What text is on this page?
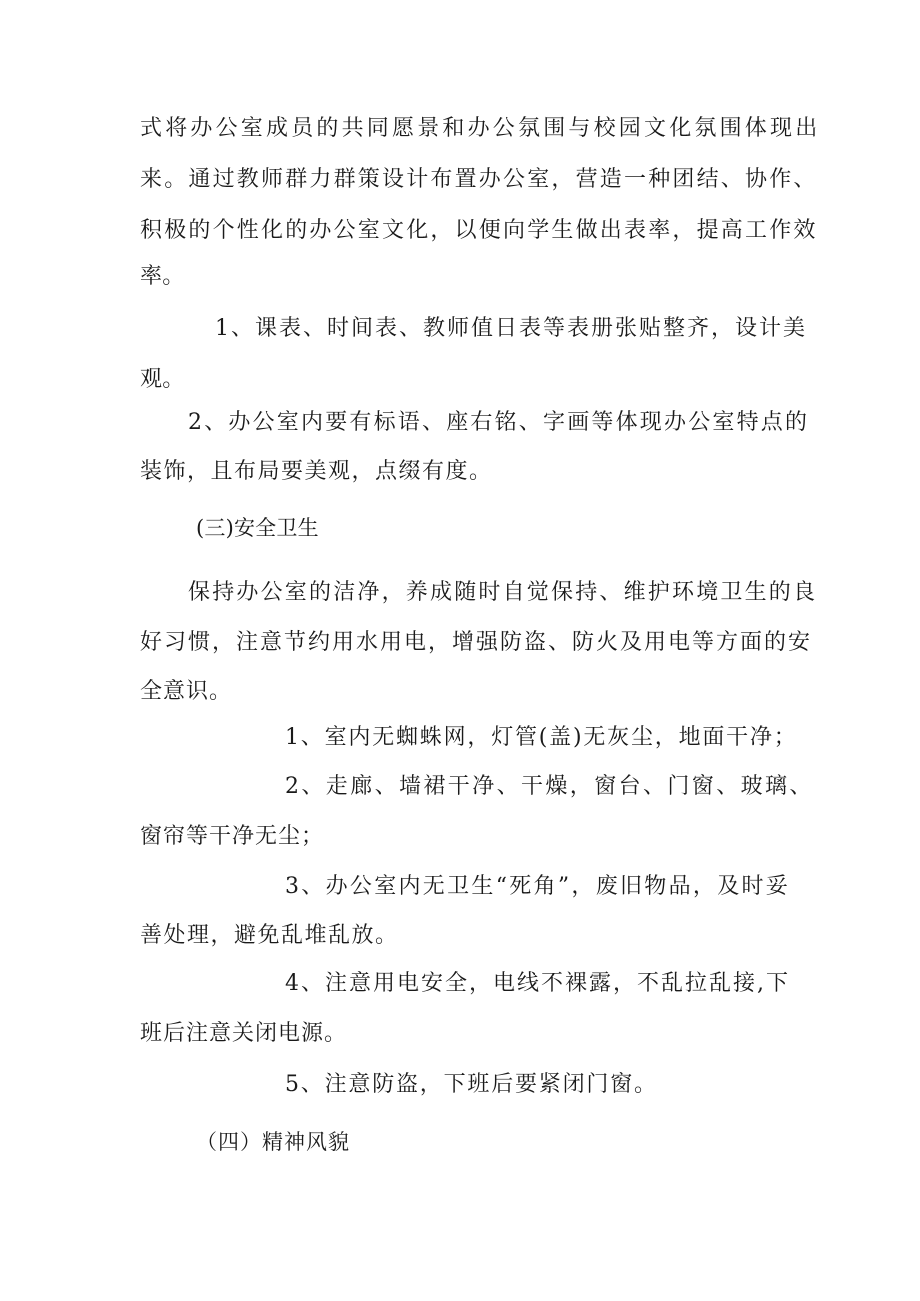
式将办公室成员的共同愿景和办公氛围与校园文化氛围体现出
来。通过教师群力群策设计布置办公室，营造一种团结、协作、
积极的个性化的办公室文化，以便向学生做出表率，提高工作效
率。
1、课表、时间表、教师值日表等表册张贴整齐，设计美
观。
2、办公室内要有标语、座右铭、字画等体现办公室特点的
装饰，且布局要美观，点缀有度。
(三)安全卫生
保持办公室的洁净，养成随时自觉保持、维护环境卫生的良
好习惯，注意节约用水用电，增强防盗、防火及用电等方面的安
全意识。
1、室内无蜘蛛网，灯管(盖)无灰尘，地面干净；
2、走廊、墙裙干净、干燥，窗台、门窗、玻璃、
窗帘等干净无尘；
3、办公室内无卫生“死角”，废旧物品，及时妥
善处理，避免乱堆乱放。
4、注意用电安全，电线不裸露，不乱拉乱接,下
班后注意关闭电源。
5、注意防盗，下班后要紧闭门窗。
（四）精神风貌
